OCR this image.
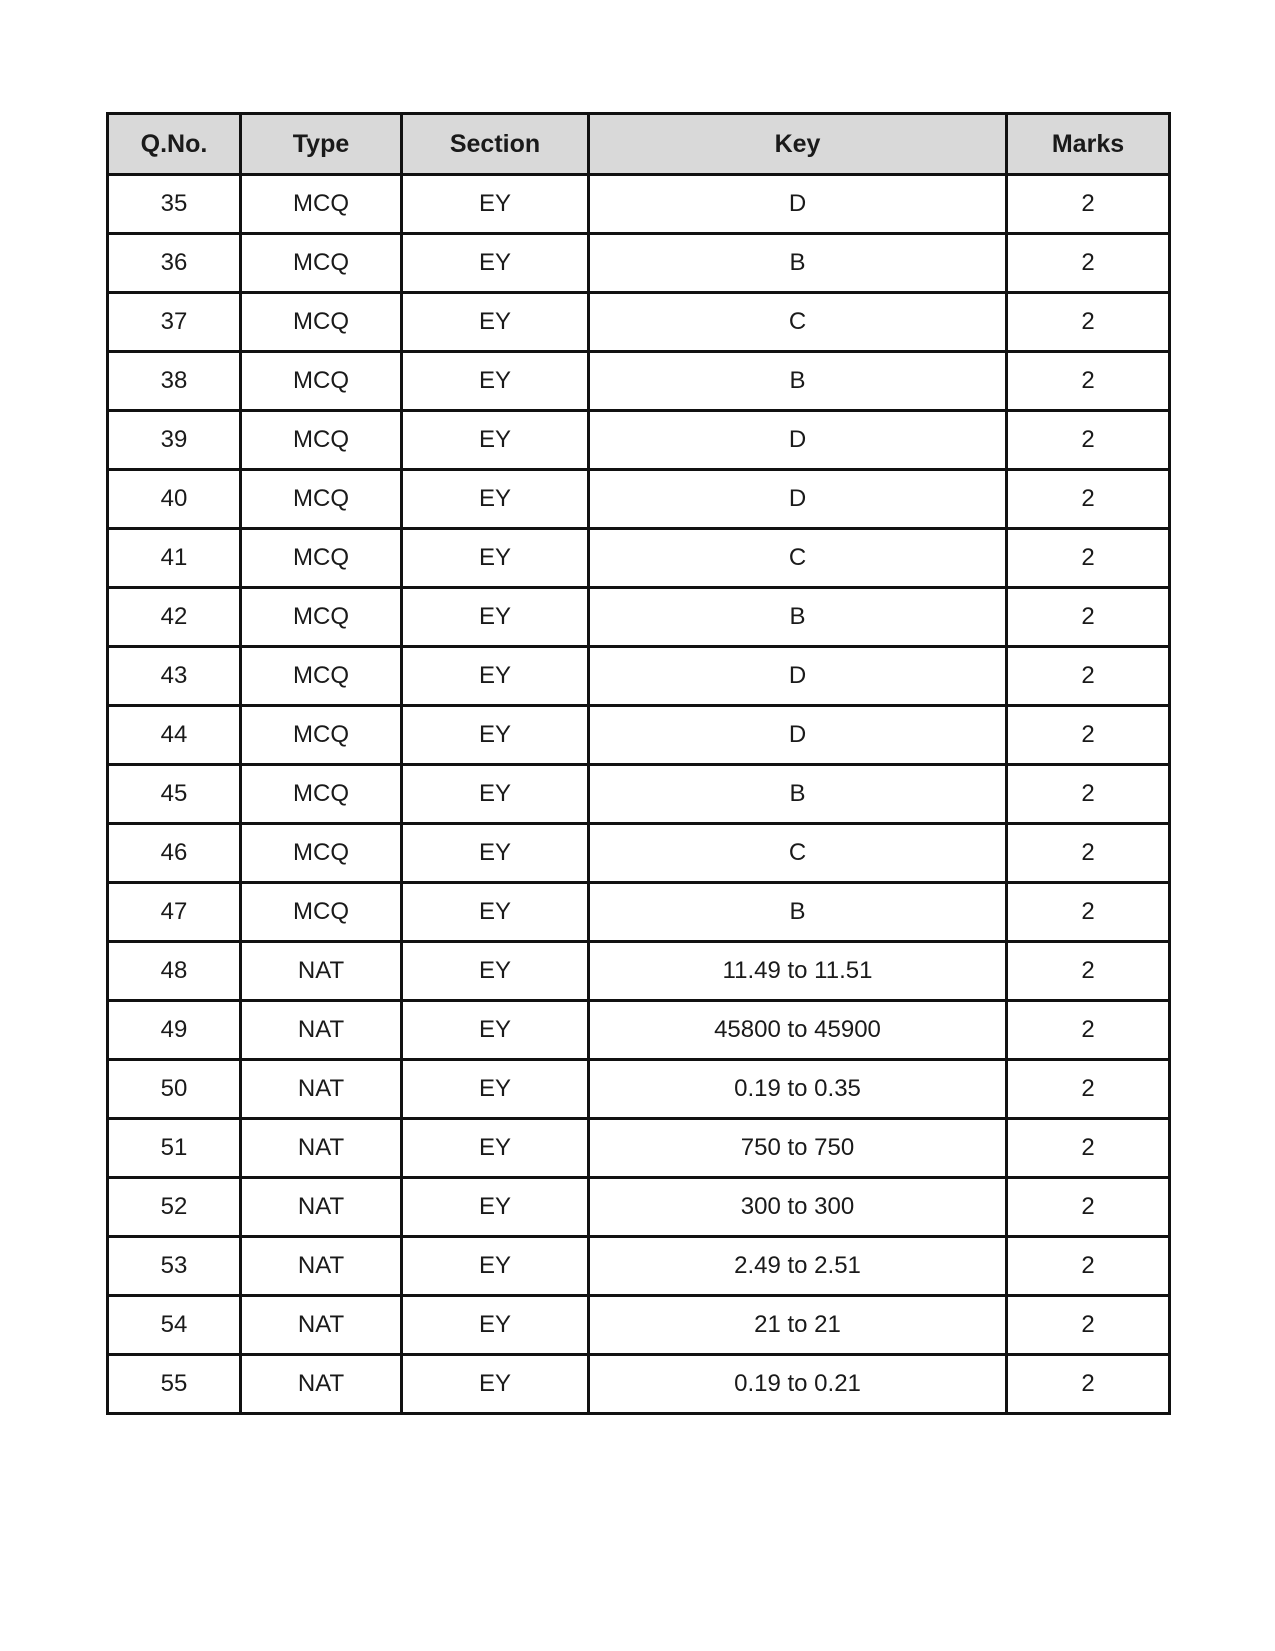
Q.No.	Type	Section	Key	Marks
35	MCQ	EY	D	2
36	MCQ	EY	B	2
37	MCQ	EY	C	2
38	MCQ	EY	B	2
39	MCQ	EY	D	2
40	MCQ	EY	D	2
41	MCQ	EY	C	2
42	MCQ	EY	B	2
43	MCQ	EY	D	2
44	MCQ	EY	D	2
45	MCQ	EY	B	2
46	MCQ	EY	C	2
47	MCQ	EY	B	2
48	NAT	EY	11.49 to 11.51	2
49	NAT	EY	45800 to 45900	2
50	NAT	EY	0.19 to 0.35	2
51	NAT	EY	750 to 750	2
52	NAT	EY	300 to 300	2
53	NAT	EY	2.49 to 2.51	2
54	NAT	EY	21 to 21	2
55	NAT	EY	0.19 to 0.21	2
